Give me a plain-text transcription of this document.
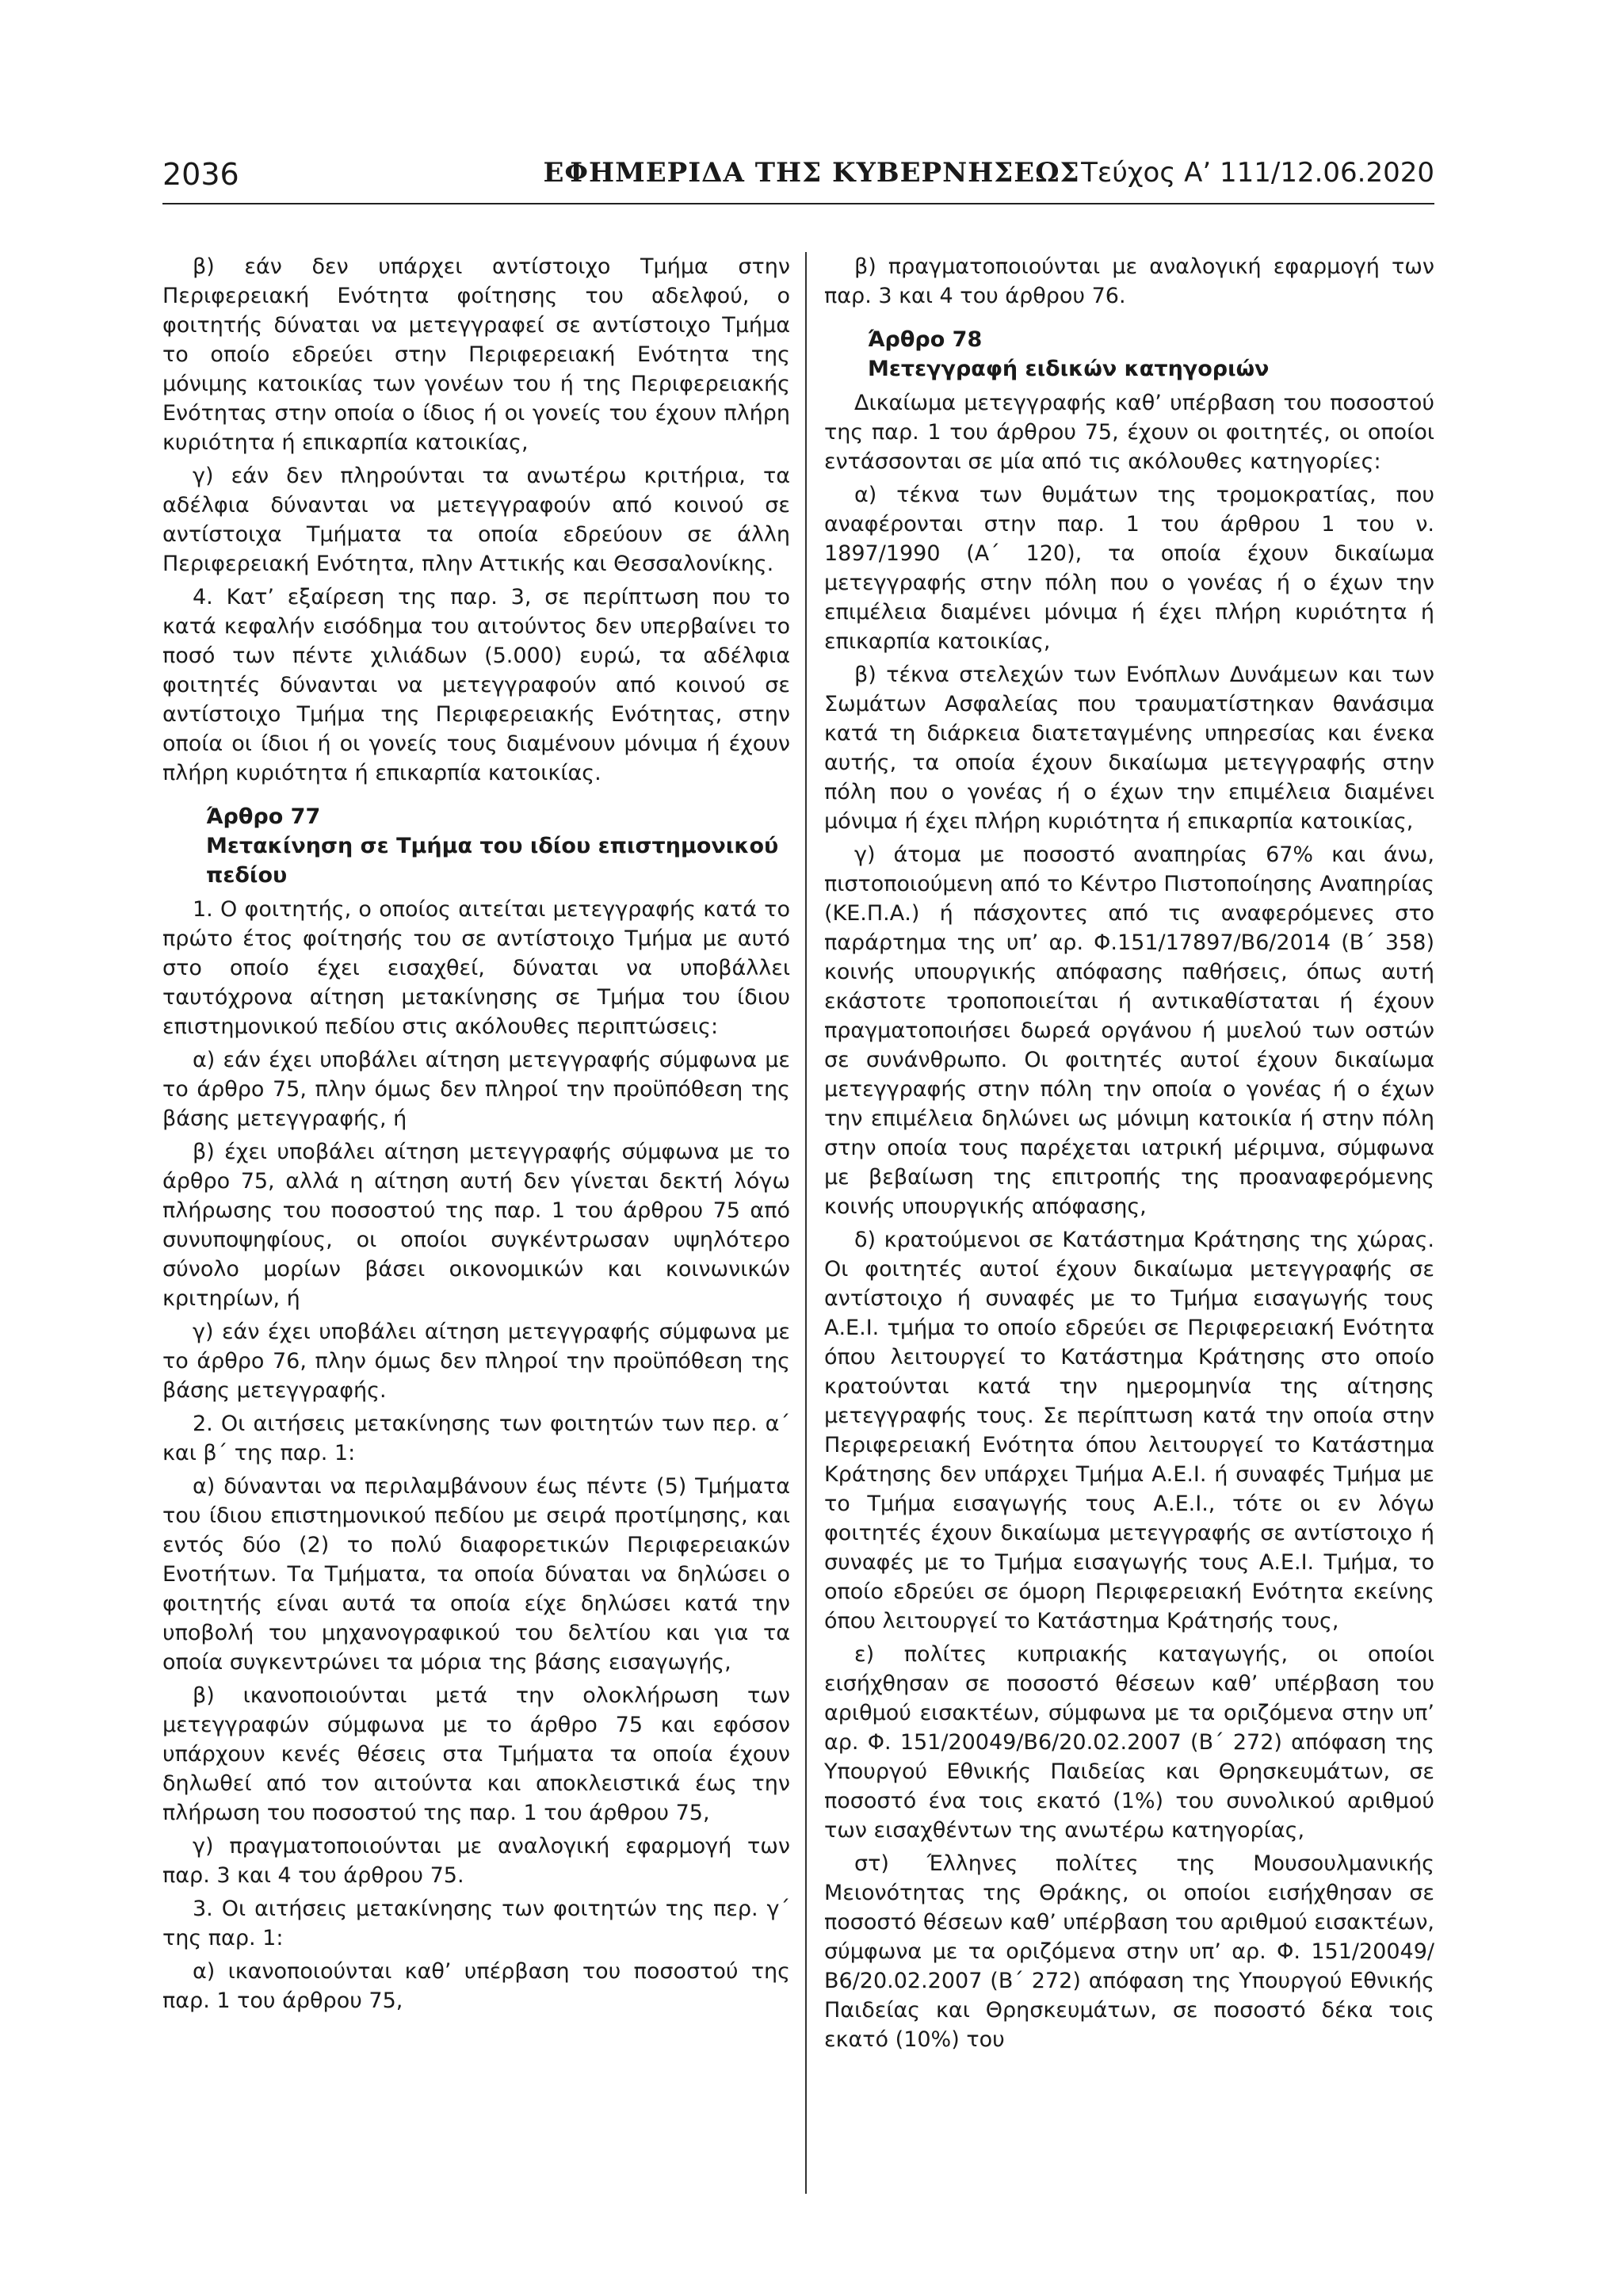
2036	ΕΦΗΜΕΡΙΔΑ ΤΗΣ ΚΥΒΕΡΝΗΣΕΩΣ Τεύχος Α’ 111/12.06.2020

β) εάν δεν υπάρχει αντίστοιχο Τμήμα στην Περιφερειακή Ενότητα φοίτησης του αδελφού, ο φοιτητής δύναται να μετεγγραφεί σε αντίστοιχο Τμήμα το οποίο εδρεύει στην Περιφερειακή Ενότητα της μόνιμης κατοικίας των γονέων του ή της Περιφερειακής Ενότητας στην οποία ο ίδιος ή οι γονείς του έχουν πλήρη κυριότητα ή επικαρπία κατοικίας,

γ) εάν δεν πληρούνται τα ανωτέρω κριτήρια, τα αδέλφια δύνανται να μετεγγραφούν από κοινού σε αντίστοιχα Τμήματα τα οποία εδρεύουν σε άλλη Περιφερειακή Ενότητα, πλην Αττικής και Θεσσαλονίκης.

4. Κατ’ εξαίρεση της παρ. 3, σε περίπτωση που το κατά κεφαλήν εισόδημα του αιτούντος δεν υπερβαίνει το ποσό των πέντε χιλιάδων (5.000) ευρώ, τα αδέλφια φοιτητές δύνανται να μετεγγραφούν από κοινού σε αντίστοιχο Τμήμα της Περιφερειακής Ενότητας, στην οποία οι ίδιοι ή οι γονείς τους διαμένουν μόνιμα ή έχουν πλήρη κυριότητα ή επικαρπία κατοικίας.

Άρθρο 77
Μετακίνηση σε Τμήμα του ιδίου επιστημονικού πεδίου

1. Ο φοιτητής, ο οποίος αιτείται μετεγγραφής κατά το πρώτο έτος φοίτησής του σε αντίστοιχο Τμήμα με αυτό στο οποίο έχει εισαχθεί, δύναται να υποβάλλει ταυτόχρονα αίτηση μετακίνησης σε Τμήμα του ίδιου επιστημονικού πεδίου στις ακόλουθες περιπτώσεις:

α) εάν έχει υποβάλει αίτηση μετεγγραφής σύμφωνα με το άρθρο 75, πλην όμως δεν πληροί την προϋπόθεση της βάσης μετεγγραφής, ή

β) έχει υποβάλει αίτηση μετεγγραφής σύμφωνα με το άρθρο 75, αλλά η αίτηση αυτή δεν γίνεται δεκτή λόγω πλήρωσης του ποσοστού της παρ. 1 του άρθρου 75 από συνυποψηφίους, οι οποίοι συγκέντρωσαν υψηλότερο σύνολο μορίων βάσει οικονομικών και κοινωνικών κριτηρίων, ή

γ) εάν έχει υποβάλει αίτηση μετεγγραφής σύμφωνα με το άρθρο 76, πλην όμως δεν πληροί την προϋπόθεση της βάσης μετεγγραφής.

2. Οι αιτήσεις μετακίνησης των φοιτητών των περ. α΄ και β΄ της παρ. 1:

α) δύνανται να περιλαμβάνουν έως πέντε (5) Τμήματα του ίδιου επιστημονικού πεδίου με σειρά προτίμησης, και εντός δύο (2) το πολύ διαφορετικών Περιφερειακών Ενοτήτων. Τα Τμήματα, τα οποία δύναται να δηλώσει ο φοιτητής είναι αυτά τα οποία είχε δηλώσει κατά την υποβολή του μηχανογραφικού του δελτίου και για τα οποία συγκεντρώνει τα μόρια της βάσης εισαγωγής,

β) ικανοποιούνται μετά την ολοκλήρωση των μετεγγραφών σύμφωνα με το άρθρο 75 και εφόσον υπάρχουν κενές θέσεις στα Τμήματα τα οποία έχουν δηλωθεί από τον αιτούντα και αποκλειστικά έως την πλήρωση του ποσοστού της παρ. 1 του άρθρου 75,

γ) πραγματοποιούνται με αναλογική εφαρμογή των παρ. 3 και 4 του άρθρου 75.

3. Οι αιτήσεις μετακίνησης των φοιτητών της περ. γ΄ της παρ. 1:

α) ικανοποιούνται καθ’ υπέρβαση του ποσοστού της παρ. 1 του άρθρου 75,

β) πραγματοποιούνται με αναλογική εφαρμογή των παρ. 3 και 4 του άρθρου 76.

Άρθρο 78
Μετεγγραφή ειδικών κατηγοριών

Δικαίωμα μετεγγραφής καθ’ υπέρβαση του ποσοστού της παρ. 1 του άρθρου 75, έχουν οι φοιτητές, οι οποίοι εντάσσονται σε μία από τις ακόλουθες κατηγορίες:

α) τέκνα των θυμάτων της τρομοκρατίας, που αναφέρονται στην παρ. 1 του άρθρου 1 του ν. 1897/1990 (Α΄ 120), τα οποία έχουν δικαίωμα μετεγγραφής στην πόλη που ο γονέας ή ο έχων την επιμέλεια διαμένει μόνιμα ή έχει πλήρη κυριότητα ή επικαρπία κατοικίας,

β) τέκνα στελεχών των Ενόπλων Δυνάμεων και των Σωμάτων Ασφαλείας που τραυματίστηκαν θανάσιμα κατά τη διάρκεια διατεταγμένης υπηρεσίας και ένεκα αυτής, τα οποία έχουν δικαίωμα μετεγγραφής στην πόλη που ο γονέας ή ο έχων την επιμέλεια διαμένει μόνιμα ή έχει πλήρη κυριότητα ή επικαρπία κατοικίας,

γ) άτομα με ποσοστό αναπηρίας 67% και άνω, πιστοποιούμενη από το Κέντρο Πιστοποίησης Αναπηρίας (ΚΕ.Π.Α.) ή πάσχοντες από τις αναφερόμενες στο παράρτημα της υπ’ αρ. Φ.151/17897/Β6/2014 (Β΄ 358) κοινής υπουργικής απόφασης παθήσεις, όπως αυτή εκάστοτε τροποποιείται ή αντικαθίσταται ή έχουν πραγματοποιήσει δωρεά οργάνου ή μυελού των οστών σε συνάνθρωπο. Οι φοιτητές αυτοί έχουν δικαίωμα μετεγγραφής στην πόλη την οποία ο γονέας ή ο έχων την επιμέλεια δηλώνει ως μόνιμη κατοικία ή στην πόλη στην οποία τους παρέχεται ιατρική μέριμνα, σύμφωνα με βεβαίωση της επιτροπής της προαναφερόμενης κοινής υπουργικής απόφασης,

δ) κρατούμενοι σε Κατάστημα Κράτησης της χώρας. Οι φοιτητές αυτοί έχουν δικαίωμα μετεγγραφής σε αντίστοιχο ή συναφές με το Τμήμα εισαγωγής τους Α.Ε.Ι. τμήμα το οποίο εδρεύει σε Περιφερειακή Ενότητα όπου λειτουργεί το Κατάστημα Κράτησης στο οποίο κρατούνται κατά την ημερομηνία της αίτησης μετεγγραφής τους. Σε περίπτωση κατά την οποία στην Περιφερειακή Ενότητα όπου λειτουργεί το Κατάστημα Κράτησης δεν υπάρχει Τμήμα Α.Ε.Ι. ή συναφές Τμήμα με το Τμήμα εισαγωγής τους Α.Ε.Ι., τότε οι εν λόγω φοιτητές έχουν δικαίωμα μετεγγραφής σε αντίστοιχο ή συναφές με το Τμήμα εισαγωγής τους Α.Ε.Ι. Τμήμα, το οποίο εδρεύει σε όμορη Περιφερειακή Ενότητα εκείνης όπου λειτουργεί το Κατάστημα Κράτησής τους,

ε) πολίτες κυπριακής καταγωγής, οι οποίοι εισήχθησαν σε ποσοστό θέσεων καθ’ υπέρβαση του αριθμού εισακτέων, σύμφωνα με τα οριζόμενα στην υπ’ αρ. Φ. 151/20049/Β6/20.02.2007 (Β΄ 272) απόφαση της Υπουργού Εθνικής Παιδείας και Θρησκευμάτων, σε ποσοστό ένα τοις εκατό (1%) του συνολικού αριθμού των εισαχθέντων της ανωτέρω κατηγορίας,

στ) Έλληνες πολίτες της Μουσουλμανικής Μειονότητας της Θράκης, οι οποίοι εισήχθησαν σε ποσοστό θέσεων καθ’ υπέρβαση του αριθμού εισακτέων, σύμφωνα με τα οριζόμενα στην υπ’ αρ. Φ. 151/20049/Β6/20.02.2007 (Β΄ 272) απόφαση της Υπουργού Εθνικής Παιδείας και Θρησκευμάτων, σε ποσοστό δέκα τοις εκατό (10%) του
